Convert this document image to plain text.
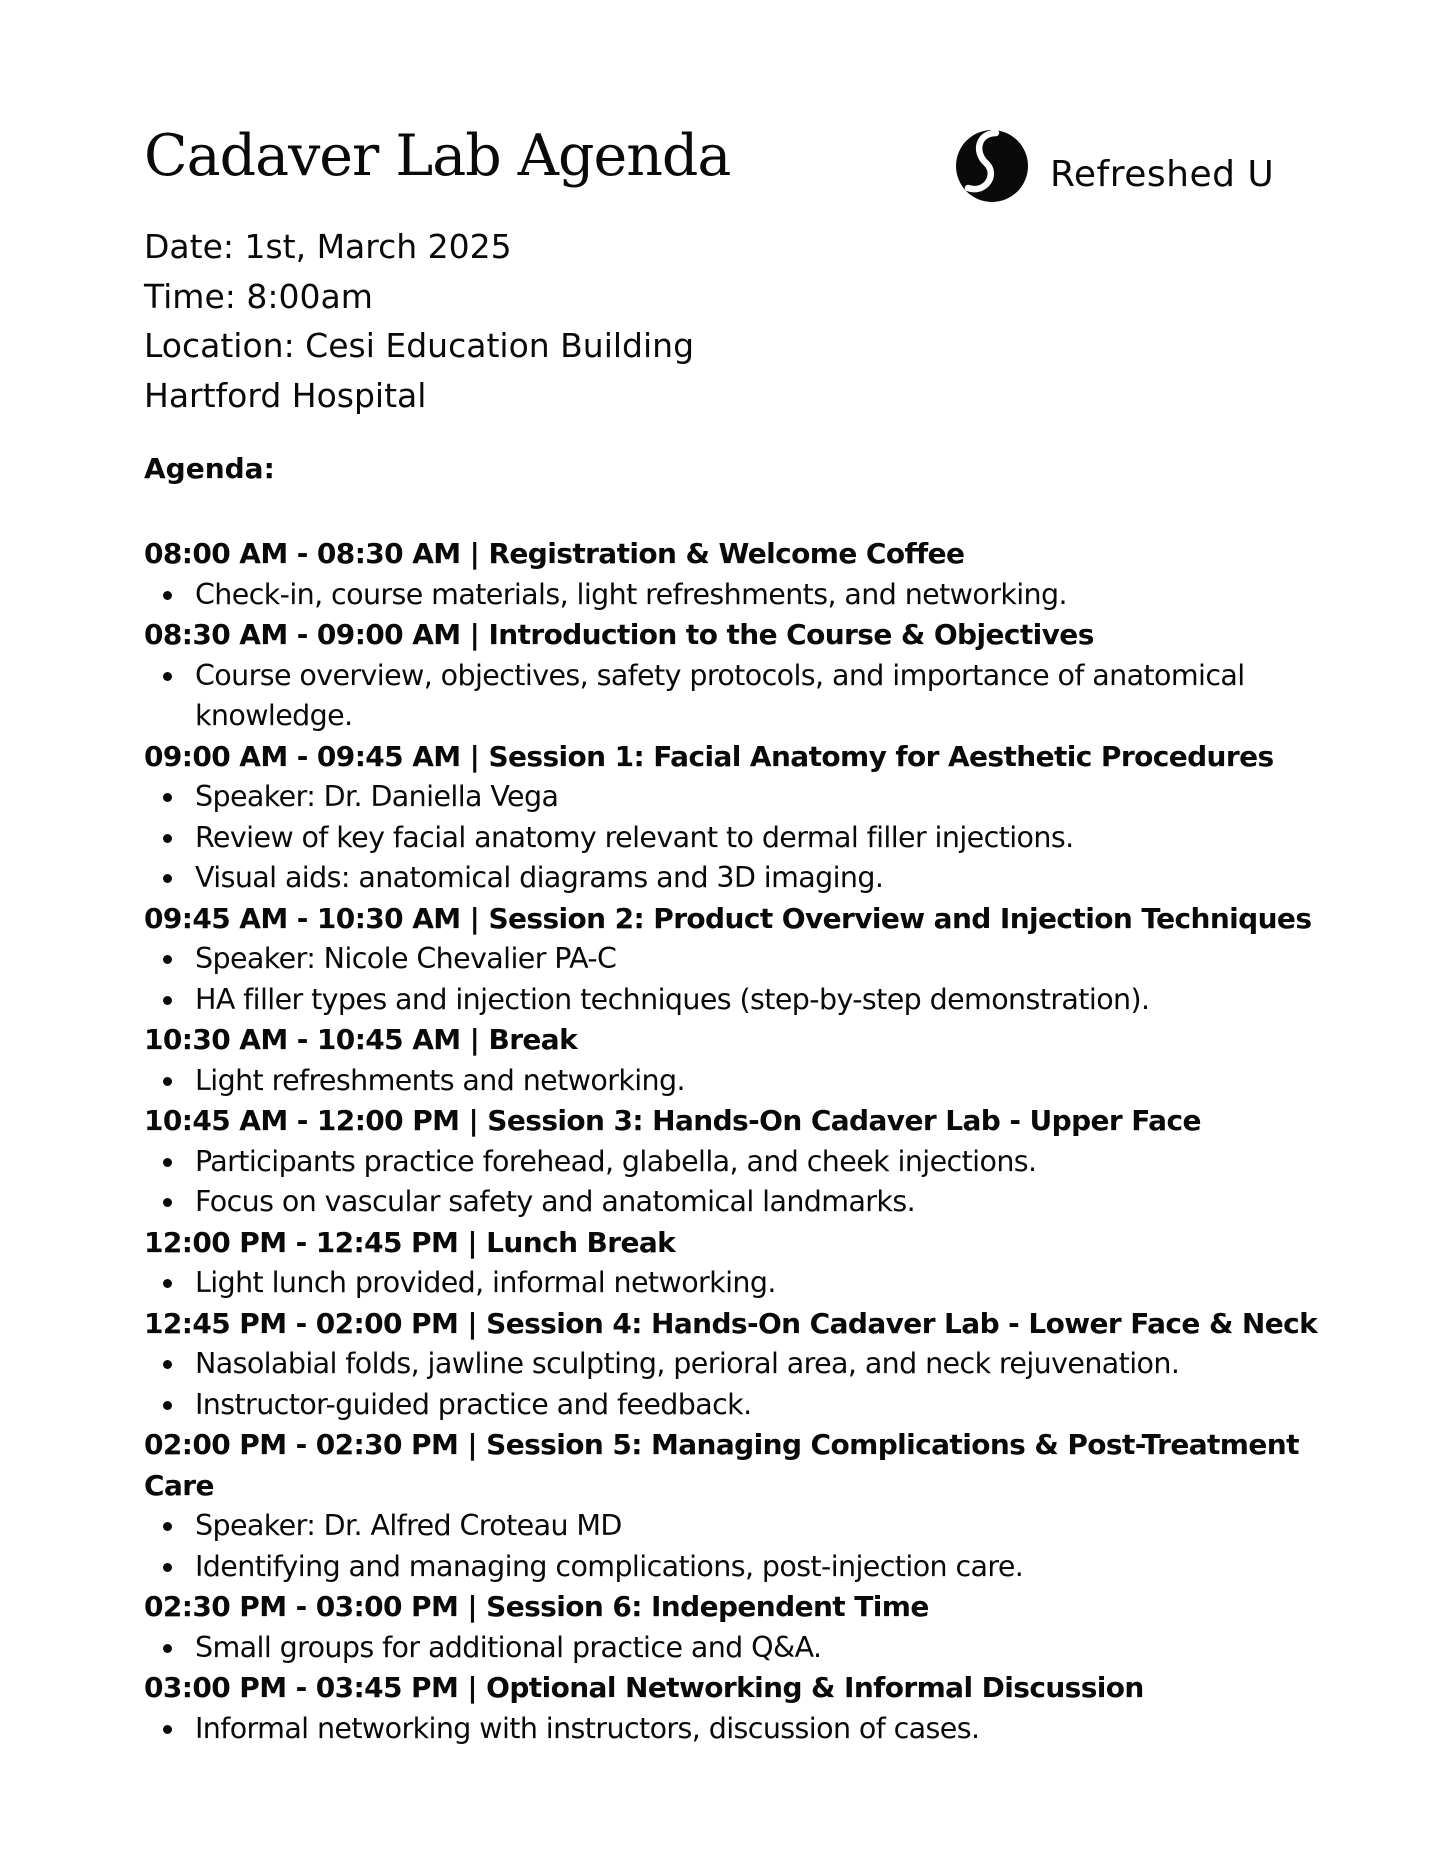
Cadaver Lab Agenda	Refreshed U
Date: 1st, March 2025
Time: 8:00am
Location: Cesi Education Building
Hartford Hospital
Agenda:
08:00 AM - 08:30 AM | Registration & Welcome Coffee
Check-in, course materials, light refreshments, and networking.
08:30 AM - 09:00 AM | Introduction to the Course & Objectives
Course overview, objectives, safety protocols, and importance of anatomical knowledge.
09:00 AM - 09:45 AM | Session 1: Facial Anatomy for Aesthetic Procedures
Speaker: Dr. Daniella Vega
Review of key facial anatomy relevant to dermal filler injections.
Visual aids: anatomical diagrams and 3D imaging.
09:45 AM - 10:30 AM | Session 2: Product Overview and Injection Techniques
Speaker: Nicole Chevalier PA-C
HA filler types and injection techniques (step-by-step demonstration).
10:30 AM - 10:45 AM | Break
Light refreshments and networking.
10:45 AM - 12:00 PM | Session 3: Hands-On Cadaver Lab - Upper Face
Participants practice forehead, glabella, and cheek injections.
Focus on vascular safety and anatomical landmarks.
12:00 PM - 12:45 PM | Lunch Break
Light lunch provided, informal networking.
12:45 PM - 02:00 PM | Session 4: Hands-On Cadaver Lab - Lower Face & Neck
Nasolabial folds, jawline sculpting, perioral area, and neck rejuvenation.
Instructor-guided practice and feedback.
02:00 PM - 02:30 PM | Session 5: Managing Complications & Post-Treatment Care
Speaker: Dr. Alfred Croteau MD
Identifying and managing complications, post-injection care.
02:30 PM - 03:00 PM | Session 6: Independent Time
Small groups for additional practice and Q&A.
03:00 PM - 03:45 PM | Optional Networking & Informal Discussion
Informal networking with instructors, discussion of cases.
